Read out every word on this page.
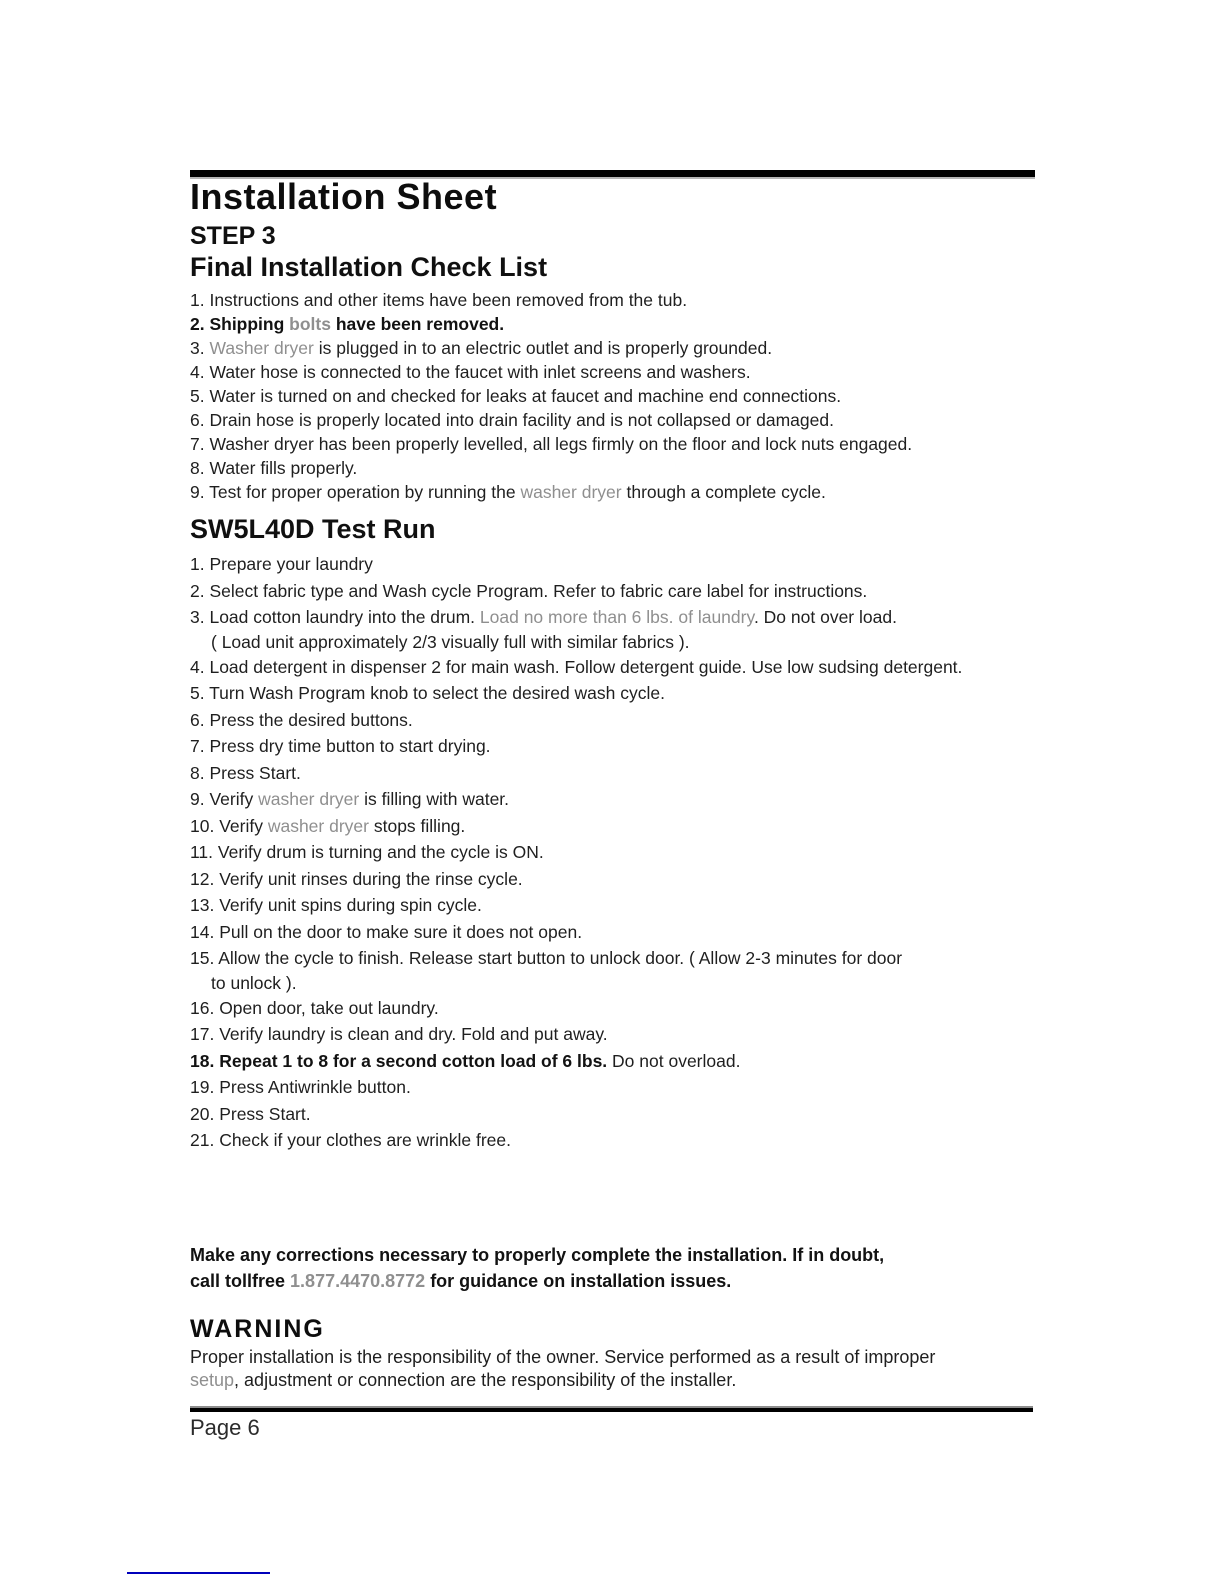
Installation Sheet
STEP 3
Final Installation Check List
1. Instructions and other items have been removed from the tub.
2. Shipping bolts have been removed.
3. Washer dryer is plugged in to an electric outlet and is properly grounded.
4. Water hose is connected to the faucet with inlet screens and washers.
5. Water is turned on and checked for leaks at faucet and machine end connections.
6. Drain hose is properly located into drain facility and is not collapsed or damaged.
7. Washer dryer has been properly levelled, all legs firmly on the floor and lock nuts engaged.
8. Water fills properly.
9. Test for proper operation by running the washer dryer through a complete cycle.
SW5L40D Test Run
1. Prepare your laundry
2. Select fabric type and Wash cycle Program. Refer to fabric care label for instructions.
3. Load cotton laundry into the drum. Load no more than 6 lbs. of laundry. Do not over load.
( Load unit approximately 2/3 visually full with similar fabrics ).
4. Load detergent in dispenser 2 for main wash. Follow detergent guide. Use low sudsing detergent.
5. Turn Wash Program knob to select the desired wash cycle.
6. Press the desired buttons.
7. Press dry time button to start drying.
8. Press Start.
9. Verify washer dryer is filling with water.
10. Verify washer dryer stops filling.
11. Verify drum is turning and the cycle is ON.
12. Verify unit rinses during the rinse cycle.
13. Verify unit spins during spin cycle.
14. Pull on the door to make sure it does not open.
15. Allow the cycle to finish. Release start button to unlock door. ( Allow 2-3 minutes for door
to unlock ).
16. Open door, take out laundry.
17. Verify laundry is clean and dry. Fold and put away.
18. Repeat 1 to 8 for a second cotton load of 6 lbs. Do not overload.
19. Press Antiwrinkle button.
20. Press Start.
21. Check if your clothes are wrinkle free.
Make any corrections necessary to properly complete the installation. If in doubt,
call tollfree 1.877.4470.8772 for guidance on installation issues.
WARNING
Proper installation is the responsibility of the owner. Service performed as a result of improper
setup, adjustment or connection are the responsibility of the installer.
Page 6
